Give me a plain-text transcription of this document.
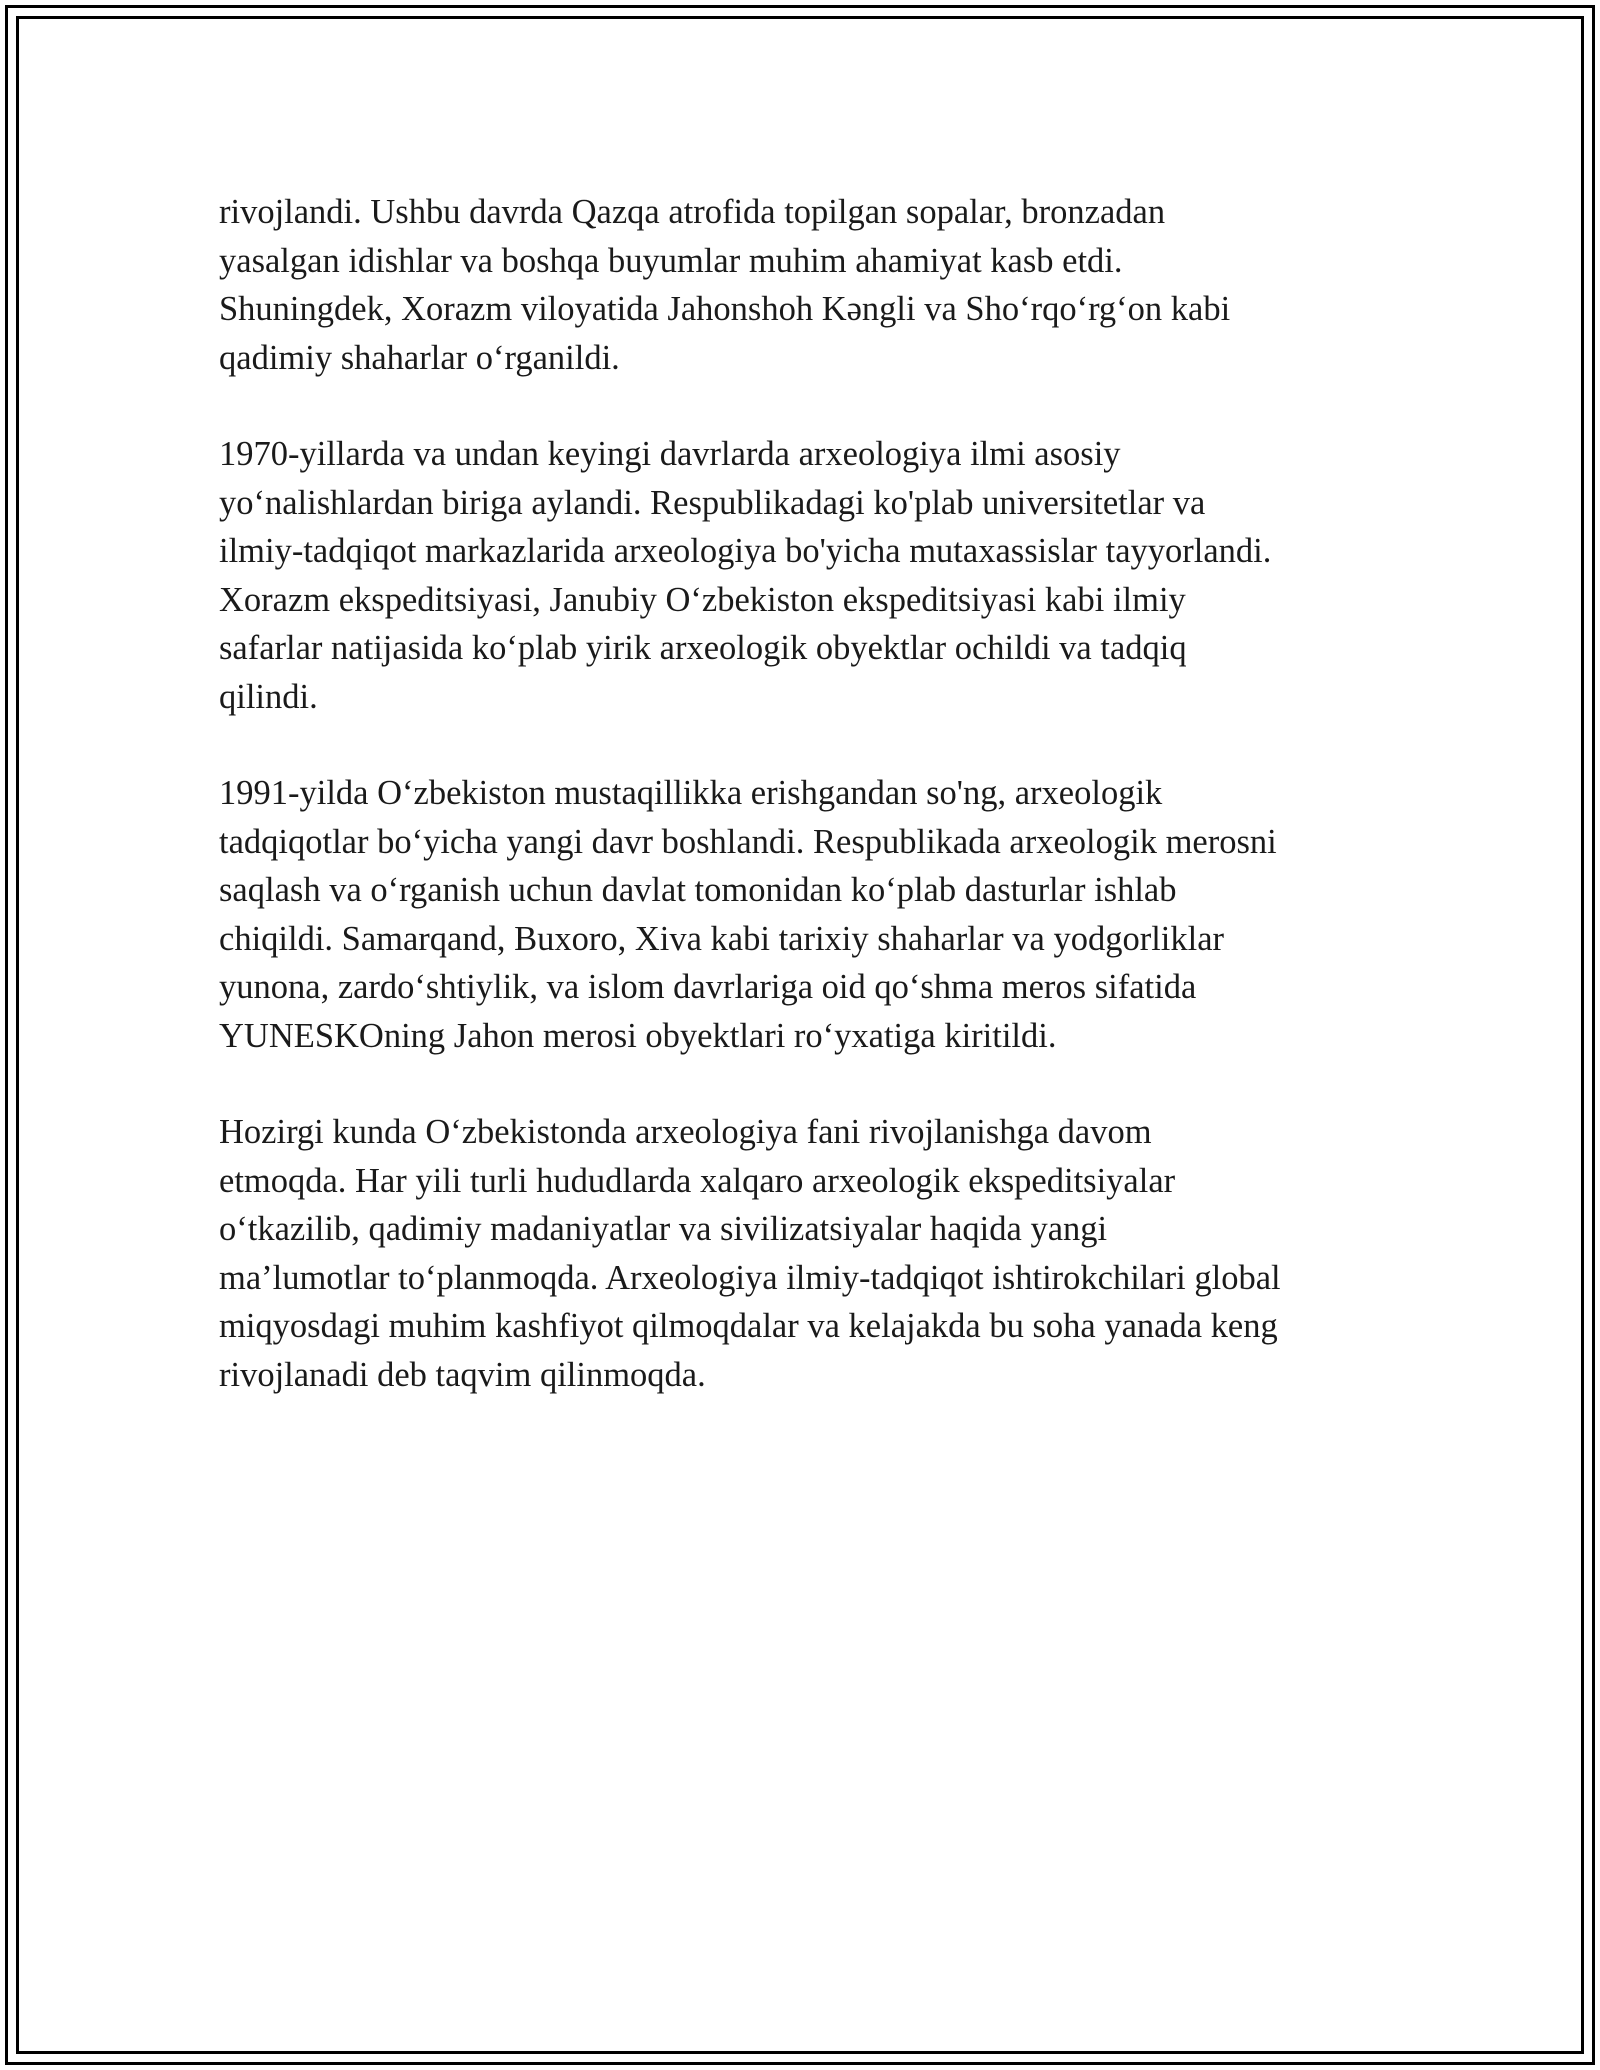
rivojlandi. Ushbu davrda Qazqa atrofida topilgan sopalar, bronzadan
yasalgan idishlar va boshqa buyumlar muhim ahamiyat kasb etdi.
Shuningdek, Xorazm viloyatida Jahonshoh Kəngli va Sho‘rqo‘rg‘on kabi
qadimiy shaharlar o‘rganildi.

1970-yillarda va undan keyingi davrlarda arxeologiya ilmi asosiy
yo‘nalishlardan biriga aylandi. Respublikadagi ko'plab universitetlar va
ilmiy-tadqiqot markazlarida arxeologiya bo'yicha mutaxassislar tayyorlandi.
Xorazm ekspeditsiyasi, Janubiy O‘zbekiston ekspeditsiyasi kabi ilmiy
safarlar natijasida ko‘plab yirik arxeologik obyektlar ochildi va tadqiq
qilindi.

1991-yilda O‘zbekiston mustaqillikka erishgandan so'ng, arxeologik
tadqiqotlar bo‘yicha yangi davr boshlandi. Respublikada arxeologik merosni
saqlash va o‘rganish uchun davlat tomonidan ko‘plab dasturlar ishlab
chiqildi. Samarqand, Buxoro, Xiva kabi tarixiy shaharlar va yodgorliklar
yunona, zardo‘shtiylik, va islom davrlariga oid qo‘shma meros sifatida
YUNESKOning Jahon merosi obyektlari ro‘yxatiga kiritildi.

Hozirgi kunda O‘zbekistonda arxeologiya fani rivojlanishga davom
etmoqda. Har yili turli hududlarda xalqaro arxeologik ekspeditsiyalar
o‘tkazilib, qadimiy madaniyatlar va sivilizatsiyalar haqida yangi
ma’lumotlar to‘planmoqda. Arxeologiya ilmiy-tadqiqot ishtirokchilari global
miqyosdagi muhim kashfiyot qilmoqdalar va kelajakda bu soha yanada keng
rivojlanadi deb taqvim qilinmoqda.
